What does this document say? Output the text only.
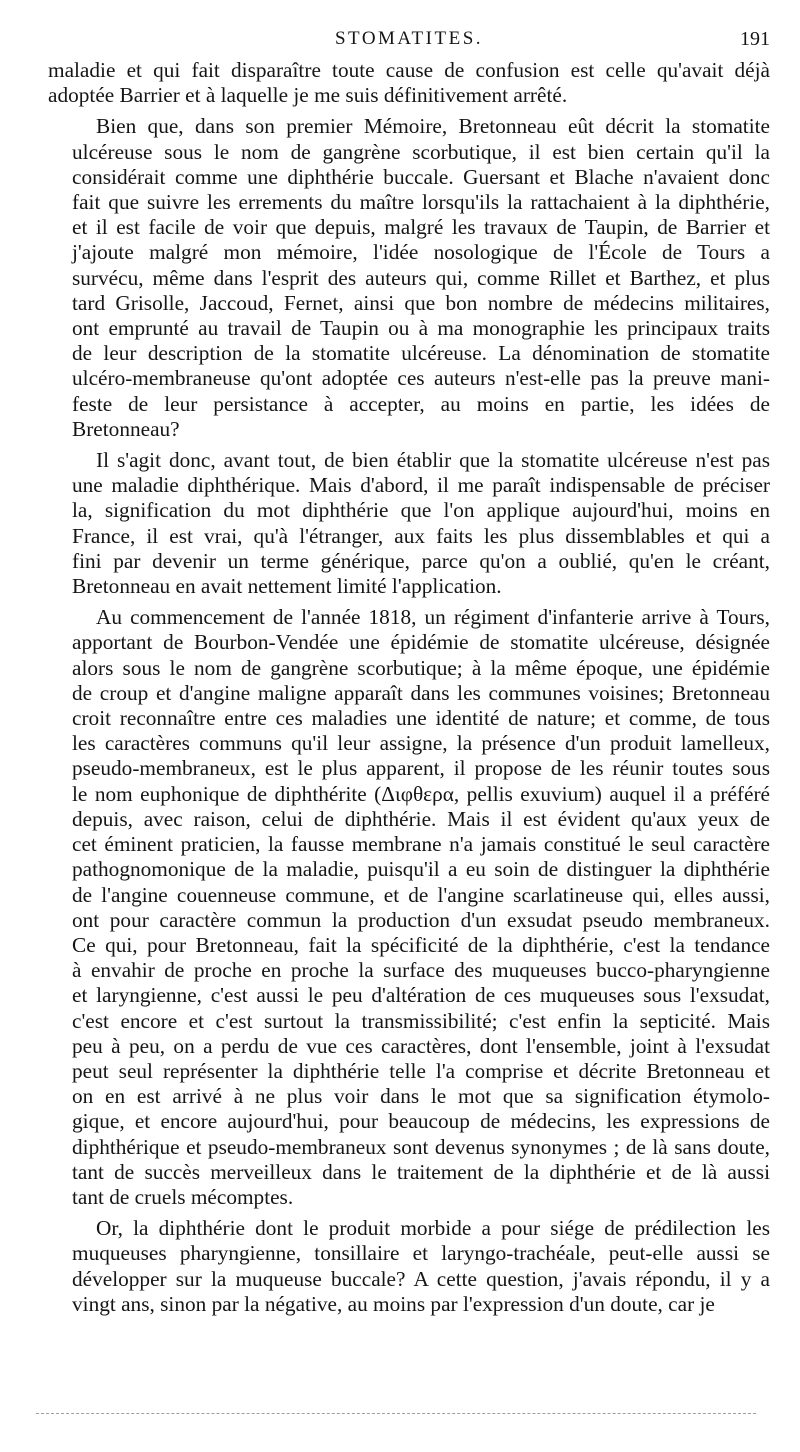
STOMATITES.	191
maladie et qui fait disparaître toute cause de confusion est celle qu'avait déjà
adoptée Barrier et à laquelle je me suis définitivement arrêté.
Bien que, dans son premier Mémoire, Bretonneau eût décrit la stomatite
ulcéreuse sous le nom de gangrène scorbutique, il est bien certain qu'il la
considérait comme une diphthérie buccale. Guersant et Blache n'avaient donc
fait que suivre les errements du maître lorsqu'ils la rattachaient à la diphthérie,
et il est facile de voir que depuis, malgré les travaux de Taupin, de Barrier et
j'ajoute malgré mon mémoire, l'idée nosologique de l'École de Tours a
survécu, même dans l'esprit des auteurs qui, comme Rillet et Barthez, et plus
tard Grisolle, Jaccoud, Fernet, ainsi que bon nombre de médecins militaires,
ont emprunté au travail de Taupin ou à ma monographie les principaux traits
de leur description de la stomatite ulcéreuse. La dénomination de stomatite
ulcéro-membraneuse qu'ont adoptée ces auteurs n'est-elle pas la preuve mani-
feste de leur persistance à accepter, au moins en partie, les idées de
Bretonneau?
Il s'agit donc, avant tout, de bien établir que la stomatite ulcéreuse n'est pas
une maladie diphthérique. Mais d'abord, il me paraît indispensable de préciser
la, signification du mot diphthérie que l'on applique aujourd'hui, moins en
France, il est vrai, qu'à l'étranger, aux faits les plus dissemblables et qui a
fini par devenir un terme générique, parce qu'on a oublié, qu'en le créant,
Bretonneau en avait nettement limité l'application.
Au commencement de l'année 1818, un régiment d'infanterie arrive à Tours,
apportant de Bourbon-Vendée une épidémie de stomatite ulcéreuse, désignée
alors sous le nom de gangrène scorbutique; à la même époque, une épidémie
de croup et d'angine maligne apparaît dans les communes voisines; Bretonneau
croit reconnaître entre ces maladies une identité de nature; et comme, de tous
les caractères communs qu'il leur assigne, la présence d'un produit lamelleux,
pseudo-membraneux, est le plus apparent, il propose de les réunir toutes sous
le nom euphonique de diphthérite (Διφθερα, pellis exuvium) auquel il a préféré
depuis, avec raison, celui de diphthérie. Mais il est évident qu'aux yeux de
cet éminent praticien, la fausse membrane n'a jamais constitué le seul caractère
pathognomonique de la maladie, puisqu'il a eu soin de distinguer la diphthérie
de l'angine couenneuse commune, et de l'angine scarlatineuse qui, elles aussi,
ont pour caractère commun la production d'un exsudat pseudo membraneux.
Ce qui, pour Bretonneau, fait la spécificité de la diphthérie, c'est la tendance
à envahir de proche en proche la surface des muqueuses bucco-pharyngienne
et laryngienne, c'est aussi le peu d'altération de ces muqueuses sous l'exsudat,
c'est encore et c'est surtout la transmissibilité; c'est enfin la septicité. Mais
peu à peu, on a perdu de vue ces caractères, dont l'ensemble, joint à l'exsudat
peut seul représenter la diphthérie telle l'a comprise et décrite Bretonneau et
on en est arrivé à ne plus voir dans le mot que sa signification étymolo-
gique, et encore aujourd'hui, pour beaucoup de médecins, les expressions de
diphthérique et pseudo-membraneux sont devenus synonymes ; de là sans doute,
tant de succès merveilleux dans le traitement de la diphthérie et de là aussi
tant de cruels mécomptes.
Or, la diphthérie dont le produit morbide a pour siége de prédilection les
muqueuses pharyngienne, tonsillaire et laryngo-trachéale, peut-elle aussi se
développer sur la muqueuse buccale? A cette question, j'avais répondu, il y a
vingt ans, sinon par la négative, au moins par l'expression d'un doute, car je
